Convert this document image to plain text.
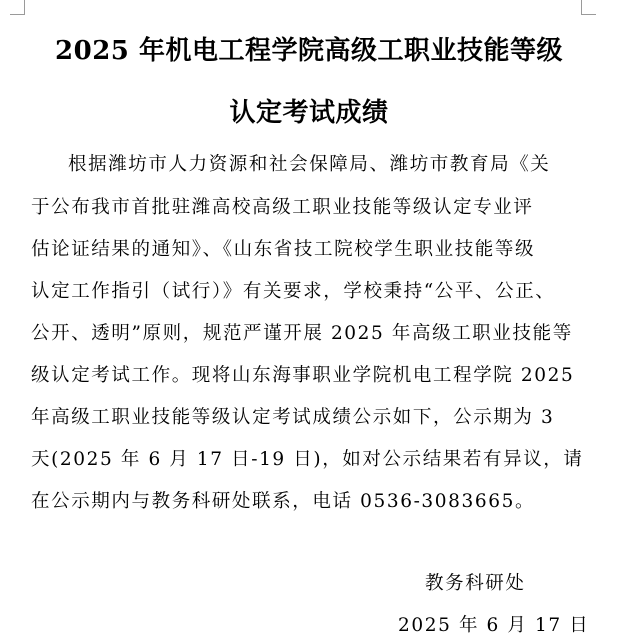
2025 年机电工程学院高级工职业技能等级
认定考试成绩
根据潍坊市人力资源和社会保障局、潍坊市教育局《关
于公布我市首批驻潍高校高级工职业技能等级认定专业评
估论证结果的通知》、《山东省技工院校学生职业技能等级
认定工作指引（试行）》有关要求，学校秉持“公平、公正、
公开、透明”原则，规范严谨开展 2025 年高级工职业技能等
级认定考试工作。现将山东海事职业学院机电工程学院 2025
年高级工职业技能等级认定考试成绩公示如下，公示期为 3
天(2025 年 6 月 17 日-19 日)，如对公示结果若有异议，请
在公示期内与教务科研处联系，电话 0536-3083665。
教务科研处
2025 年 6 月 17 日
